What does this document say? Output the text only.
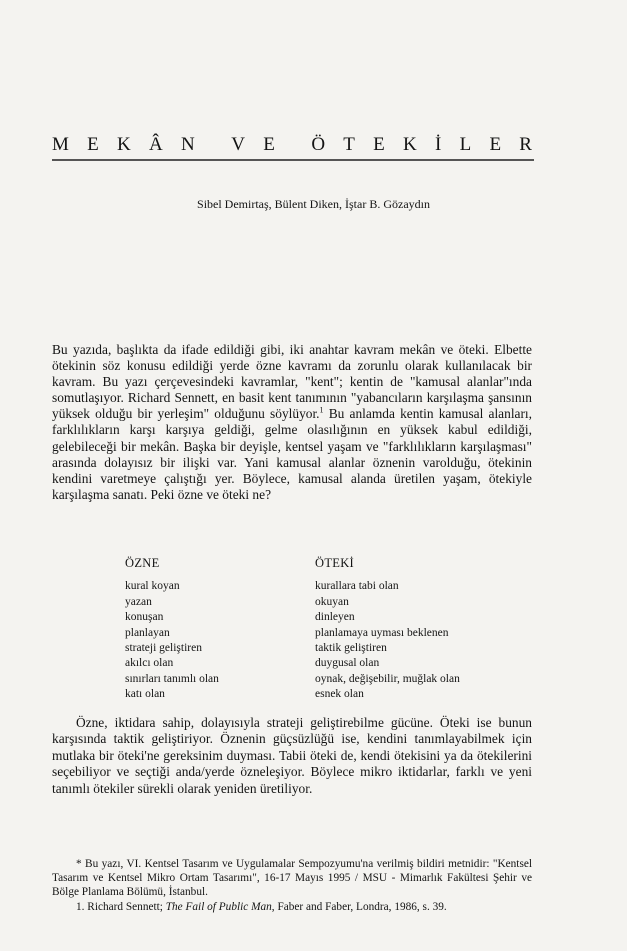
M E K Â N V E Ö T E K İ L E R
Sibel Demirtaş, Bülent Diken, İştar B. Gözaydın

Bu yazıda, başlıkta da ifade edildiği gibi, iki anahtar kavram mekân ve öteki. Elbette ötekinin söz konusu edildiği yerde özne kavramı da zorunlu olarak kullanılacak bir kavram. Bu yazı çerçevesindeki kavramlar, "kent"; kentin de "kamusal alanlar"ında somutlaşıyor. Richard Sennett, en basit kent tanımının "yabancıların karşılaşma şansının yüksek olduğu bir yerleşim" olduğunu söylüyor.$^1$ Bu anlamda kentin kamusal alanları, farklılıkların karşı karşıya geldiği, gelme olasılığının en yüksek kabul edildiği, gelebileceği bir mekân. Başka bir deyişle, kentsel yaşam ve "farklılıkların karşılaşması" arasında dolayısız bir ilişki var. Yani kamusal alanlar öznenin varolduğu, ötekinin kendini varetmeye çalıştığı yer. Böylece, kamusal alanda üretilen yaşam, ötekiyle karşılaşma sanatı. Peki özne ve öteki ne?

ÖZNE
kural koyan
yazan
konuşan
planlayan
strateji geliştiren
akılcı olan
sınırları tanımlı olan
katı olan
ÖTEKİ
kurallara tabi olan
okuyan
dinleyen
planlamaya uyması beklenen
taktik geliştiren
duygusal olan
oynak, değişebilir, muğlak olan
esnek olan

Özne, iktidara sahip, dolayısıyla strateji geliştirebilme gücüne. Öteki ise bunun karşısında taktik geliştiriyor. Öznenin güçsüzlüğü ise, kendini tanımlayabilmek için mutlaka bir öteki'ne gereksinim duyması. Tabii öteki de, kendi ötekisini ya da ötekilerini seçebiliyor ve seçtiği anda/yerde özneleşiyor. Böylece mikro iktidarlar, farklı ve yeni tanımlı ötekiler sürekli olarak yeniden üretiliyor.

* Bu yazı, VI. Kentsel Tasarım ve Uygulamalar Sempozyumu'na verilmiş bildiri metnidir: "Kentsel Tasarım ve Kentsel Mikro Ortam Tasarımı", 16-17 Mayıs 1995 / MSU - Mimarlık Fakültesi Şehir ve Bölge Planlama Bölümü, İstanbul.

1. Richard Sennett; The Fail of Public Man, Faber and Faber, Londra, 1986, s. 39.
